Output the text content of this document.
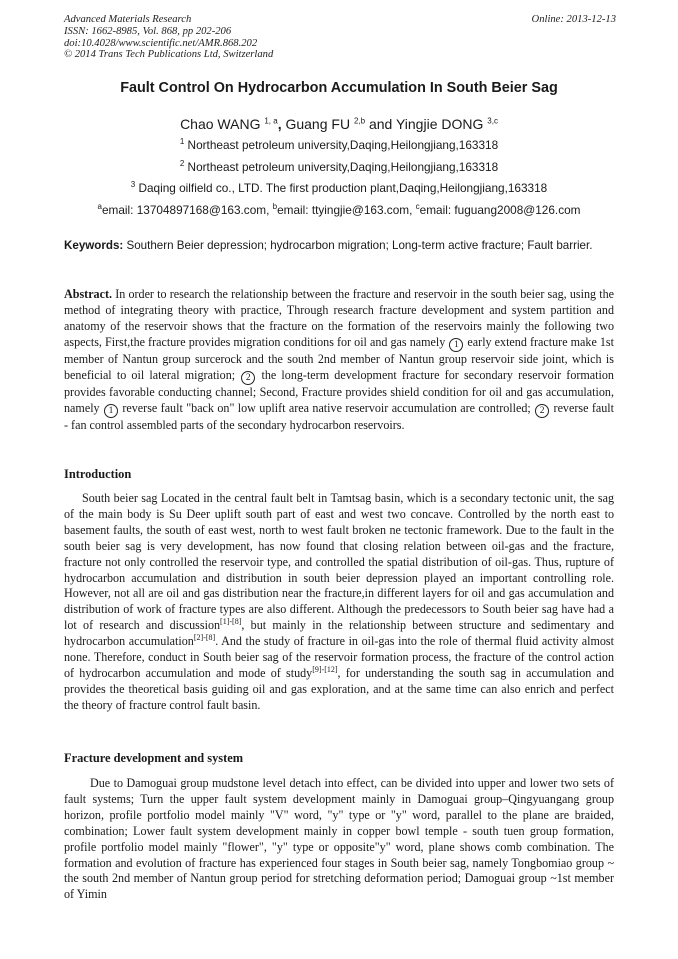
Advanced Materials Research
ISSN: 1662-8985, Vol. 868, pp 202-206
doi:10.4028/www.scientific.net/AMR.868.202
© 2014 Trans Tech Publications Ltd, Switzerland
Online: 2013-12-13
Fault Control On Hydrocarbon Accumulation In South Beier Sag
Chao WANG $^{1, a}$, Guang FU $^{2,b}$ and Yingjie DONG $^{3,c}$
$^1$ Northeast petroleum university,Daqing,Heilongjiang,163318
$^2$ Northeast petroleum university,Daqing,Heilongjiang,163318
$^3$ Daqing oilfield co., LTD. The first production plant,Daqing,Heilongjiang,163318
$^a$email: 13704897168@163.com, $^b$email: ttyingjie@163.com, $^c$email: fuguang2008@126.com
Keywords: Southern Beier depression; hydrocarbon migration; Long-term active fracture; Fault barrier.
Abstract. In order to research the relationship between the fracture and reservoir in the south beier sag, using the method of integrating theory with practice, Through research fracture development and system partition and anatomy of the reservoir shows that the fracture on the formation of the reservoirs mainly the following two aspects, First,the fracture provides migration conditions for oil and gas namely 1 early extend fracture make 1st member of Nantun group surcerock and the south 2nd member of Nantun group reservoir side joint, which is beneficial to oil lateral migration; 2 the long-term development fracture for secondary reservoir formation provides favorable conducting channel; Second, Fracture provides shield condition for oil and gas accumulation, namely 1 reverse fault "back on" low uplift area native reservoir accumulation are controlled; 2 reverse fault - fan control assembled parts of the secondary hydrocarbon reservoirs.
Introduction
South beier sag Located in the central fault belt in Tamtsag basin, which is a secondary tectonic unit, the sag of the main body is Su Deer uplift south part of east and west two concave. Controlled by the north east to basement faults, the south of east west, north to west fault broken ne tectonic framework. Due to the fault in the south beier sag is very development, has now found that closing relation between oil-gas and the fracture, fracture not only controlled the reservoir type, and controlled the spatial distribution of oil-gas. Thus, rupture of hydrocarbon accumulation and distribution in south beier depression played an important controlling role. However, not all are oil and gas distribution near the fracture,in different layers for oil and gas accumulation and distribution of work of fracture types are also different. Although the predecessors to South beier sag have had a lot of research and discussion[1]-[8], but mainly in the relationship between structure and sedimentary and hydrocarbon accumulation[2]-[8]. And the study of fracture in oil-gas into the role of thermal fluid activity almost none. Therefore, conduct in South beier sag of the reservoir formation process, the fracture of the control action of hydrocarbon accumulation and mode of study[9]-[12], for understanding the south sag in accumulation and provides the theoretical basis guiding oil and gas exploration, and at the same time can also enrich and perfect the theory of fracture control fault basin.
Fracture development and system
Due to Damoguai group mudstone level detach into effect, can be divided into upper and lower two sets of fault systems; Turn the upper fault system development mainly in Damoguai group–Qingyuangang group horizon, profile portfolio model mainly "V" word, "y" type or "y" word, parallel to the plane are braided, combination; Lower fault system development mainly in copper bowl temple - south tuen group formation, profile portfolio model mainly "flower", "y" type or opposite"y" word, plane shows comb combination. The formation and evolution of fracture has experienced four stages in South beier sag, namely Tongbomiao group ~ the south 2nd member of Nantun group period for stretching deformation period; Damoguai group ~1st member of Yimin
